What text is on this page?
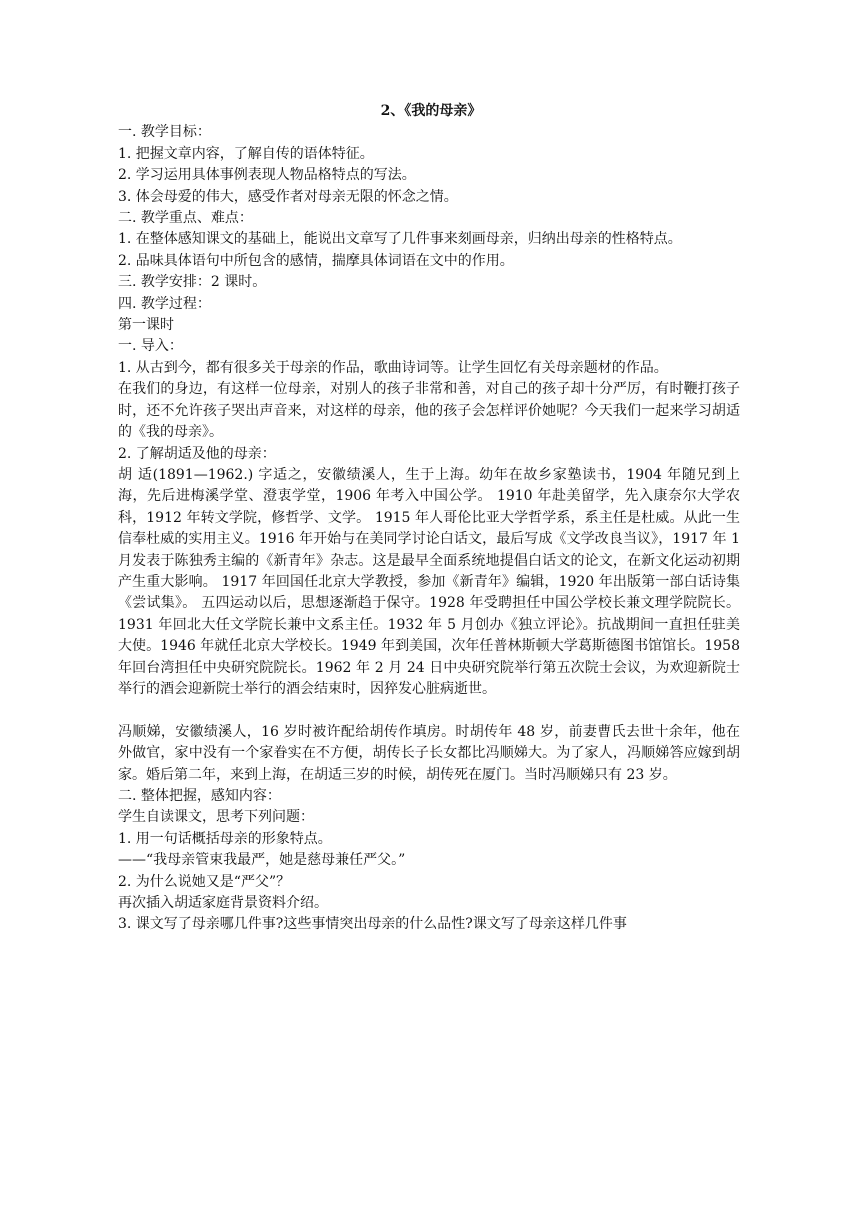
2、《我的母亲》

一. 教学目标：

1. 把握文章内容，了解自传的语体特征。

2. 学习运用具体事例表现人物品格特点的写法。

3. 体会母爱的伟大，感受作者对母亲无限的怀念之情。

二. 教学重点、难点：

1. 在整体感知课文的基础上，能说出文章写了几件事来刻画母亲，归纳出母亲的性格特点。

2. 品味具体语句中所包含的感情，揣摩具体词语在文中的作用。

三. 教学安排：2 课时。

四. 教学过程：

第一课时

一. 导入：

1. 从古到今，都有很多关于母亲的作品，歌曲诗词等。让学生回忆有关母亲题材的作品。

在我们的身边，有这样一位母亲，对别人的孩子非常和善，对自己的孩子却十分严厉，有时鞭打孩子时，还不允许孩子哭出声音来，对这样的母亲，他的孩子会怎样评价她呢？今天我们一起来学习胡适的《我的母亲》。

2. 了解胡适及他的母亲：

胡 适(1891—1962.) 字适之，安徽绩溪人，生于上海。幼年在故乡家塾读书，1904 年随兄到上海，先后进梅溪学堂、澄衷学堂，1906 年考入中国公学。 1910 年赴美留学，先入康奈尔大学农科，1912 年转文学院，修哲学、文学。 1915 年人哥伦比亚大学哲学系，系主任是杜威。从此一生信奉杜威的实用主义。1916 年开始与在美同学讨论白话文，最后写成《文学改良当议》，1917 年 1 月发表于陈独秀主编的《新青年》杂志。这是最早全面系统地提倡白话文的论文，在新文化运动初期产生重大影响。 1917 年回国任北京大学教授，参加《新青年》编辑，1920 年出版第一部白话诗集《尝试集》。 五四运动以后，思想逐渐趋于保守。1928 年受聘担任中国公学校长兼文理学院院长。1931 年回北大任文学院长兼中文系主任。1932 年 5 月创办《独立评论》。抗战期间一直担任驻美大使。1946 年就任北京大学校长。1949 年到美国，次年任普林斯顿大学葛斯德图书馆馆长。1958 年回台湾担任中央研究院院长。1962 年 2 月 24 日中央研究院举行第五次院士会议，为欢迎新院士举行的酒会迎新院士举行的酒会结束时，因猝发心脏病逝世。

冯顺娣，安徽绩溪人，16 岁时被许配给胡传作填房。时胡传年 48 岁，前妻曹氏去世十余年，他在外做官，家中没有一个家眷实在不方便，胡传长子长女都比冯顺娣大。为了家人，冯顺娣答应嫁到胡家。婚后第二年，来到上海，在胡适三岁的时候，胡传死在厦门。当时冯顺娣只有 23 岁。

二. 整体把握，感知内容：

学生自读课文，思考下列问题：

1. 用一句话概括母亲的形象特点。

——“我母亲管束我最严，她是慈母兼任严父。”

2. 为什么说她又是“严父”？

再次插入胡适家庭背景资料介绍。

3. 课文写了母亲哪几件事?这些事情突出母亲的什么品性?课文写了母亲这样几件事
